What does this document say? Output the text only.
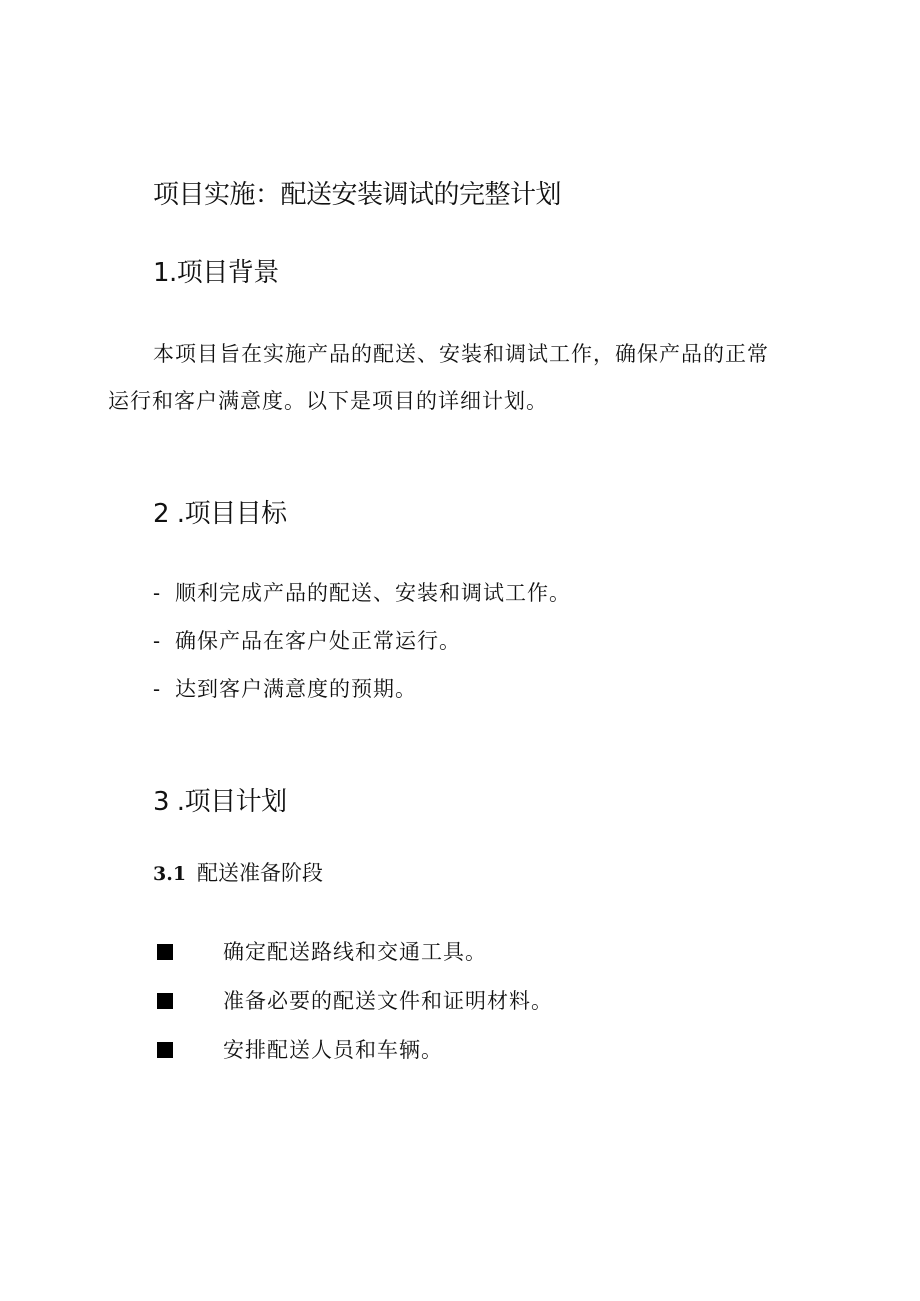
项目实施：配送安装调试的完整计划
1.项目背景
本项目旨在实施产品的配送、安装和调试工作，确保产品的正常
运行和客户满意度。以下是项目的详细计划。
2 .项目目标
- 顺利完成产品的配送、安装和调试工作。
- 确保产品在客户处正常运行。
- 达到客户满意度的预期。
3 .项目计划
3.1 配送准备阶段
确定配送路线和交通工具。
准备必要的配送文件和证明材料。
安排配送人员和车辆。
